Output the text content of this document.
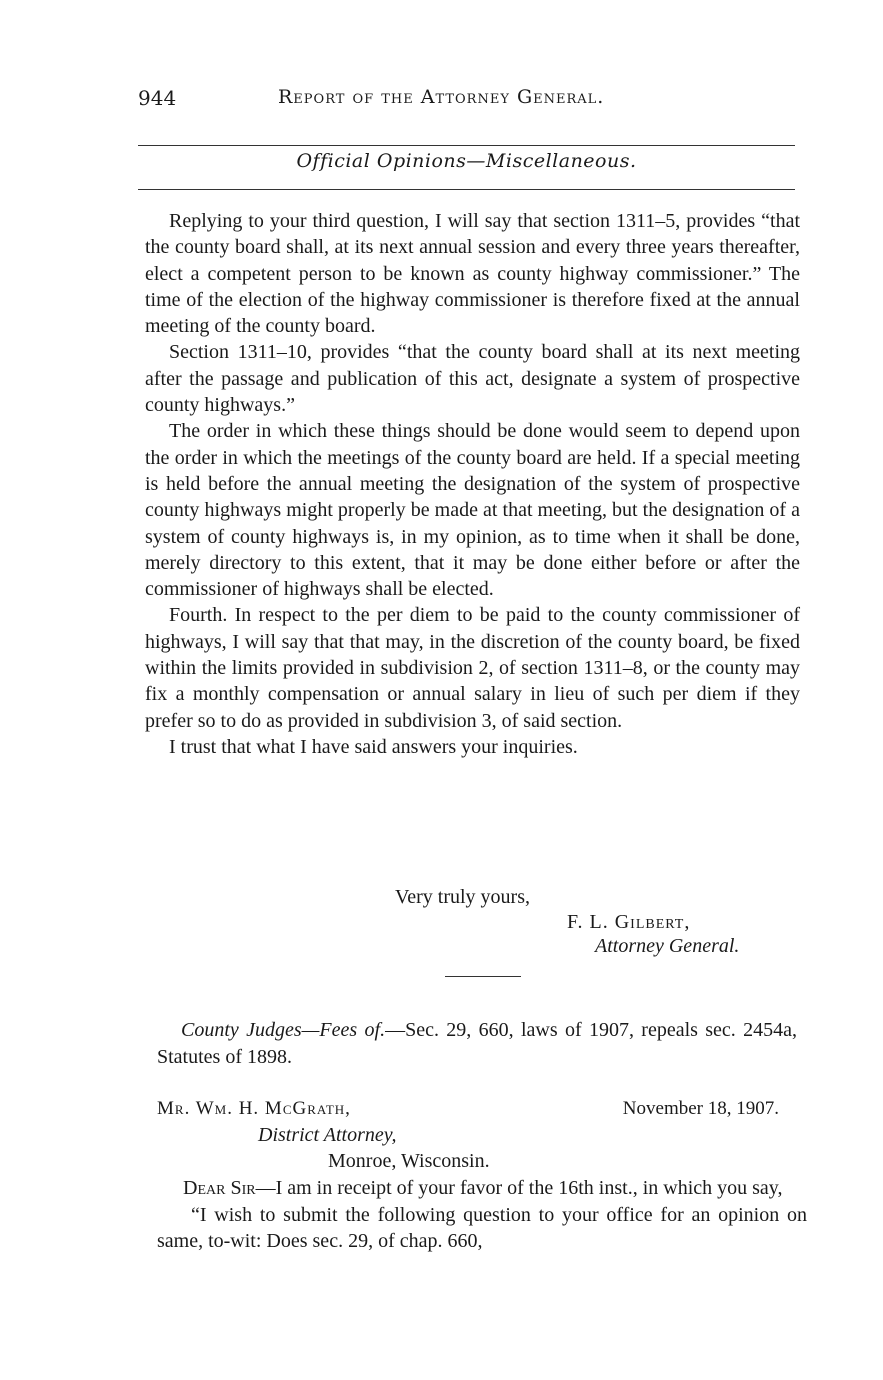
944	Report of the Attorney General.
Official Opinions—Miscellaneous.

Replying to your third question, I will say that section 1311–5, provides “that the county board shall, at its next annual session and every three years thereafter, elect a competent person to be known as county highway commissioner.” The time of the election of the highway commissioner is therefore fixed at the annual meeting of the county board.

Section 1311–10, provides “that the county board shall at its next meeting after the passage and publication of this act, designate a system of prospective county highways.”

The order in which these things should be done would seem to depend upon the order in which the meetings of the county board are held. If a special meeting is held before the annual meeting the designation of the system of prospective county highways might properly be made at that meeting, but the designation of a system of county highways is, in my opinion, as to time when it shall be done, merely directory to this extent, that it may be done either before or after the commissioner of highways shall be elected.

Fourth. In respect to the per diem to be paid to the county commissioner of highways, I will say that that may, in the discretion of the county board, be fixed within the limits provided in subdivision 2, of section 1311–8, or the county may fix a monthly compensation or annual salary in lieu of such per diem if they prefer so to do as provided in subdivision 3, of said section.

I trust that what I have said answers your inquiries.

Very truly yours,
F. L. Gilbert,
Attorney General.
County Judges—Fees of.—Sec. 29, 660, laws of 1907, repeals sec. 2454a, Statutes of 1898.
Mr. Wm. H. McGrath,	November 18, 1907.
District Attorney,
Monroe, Wisconsin.

Dear Sir—I am in receipt of your favor of the 16th inst., in which you say,

“I wish to submit the following question to your office for an opinion on same, to-wit: Does sec. 29, of chap. 660,
